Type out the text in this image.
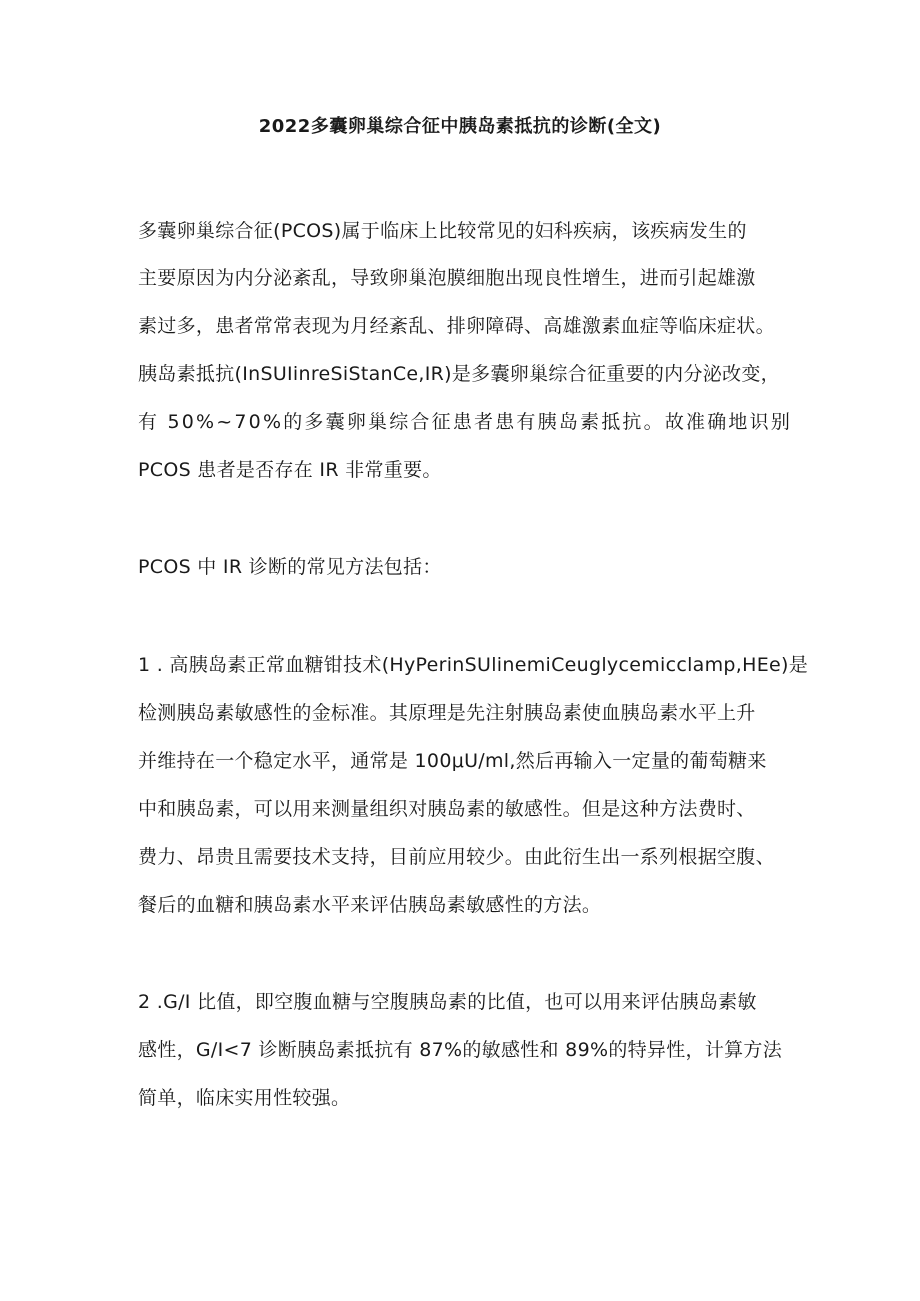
2022多囊卵巢综合征中胰岛素抵抗的诊断(全文)
多囊卵巢综合征(PCOS)属于临床上比较常见的妇科疾病，该疾病发生的
主要原因为内分泌紊乱，导致卵巢泡膜细胞出现良性增生，进而引起雄激
素过多，患者常常表现为月经紊乱、排卵障碍、高雄激素血症等临床症状。
胰岛素抵抗(InSUIinreSiStanCe,IR)是多囊卵巢综合征重要的内分泌改变，
有 50%~70%的多囊卵巢综合征患者患有胰岛素抵抗。故准确地识别
PCOS 患者是否存在 IR 非常重要。
PCOS 中 IR 诊断的常见方法包括：
1 . 高胰岛素正常血糖钳技术(HyPerinSUlinemiCeuglycemicclamp,HEe)是
检测胰岛素敏感性的金标准。其原理是先注射胰岛素使血胰岛素水平上升
并维持在一个稳定水平，通常是 100μU∕ml,然后再输入一定量的葡萄糖来
中和胰岛素，可以用来测量组织对胰岛素的敏感性。但是这种方法费时、
费力、昂贵且需要技术支持，目前应用较少。由此衍生出一系列根据空腹、
餐后的血糖和胰岛素水平来评估胰岛素敏感性的方法。
2 .G/I 比值，即空腹血糖与空腹胰岛素的比值，也可以用来评估胰岛素敏
感性，G∕I<7 诊断胰岛素抵抗有 87%的敏感性和 89%的特异性，计算方法
简单，临床实用性较强。
